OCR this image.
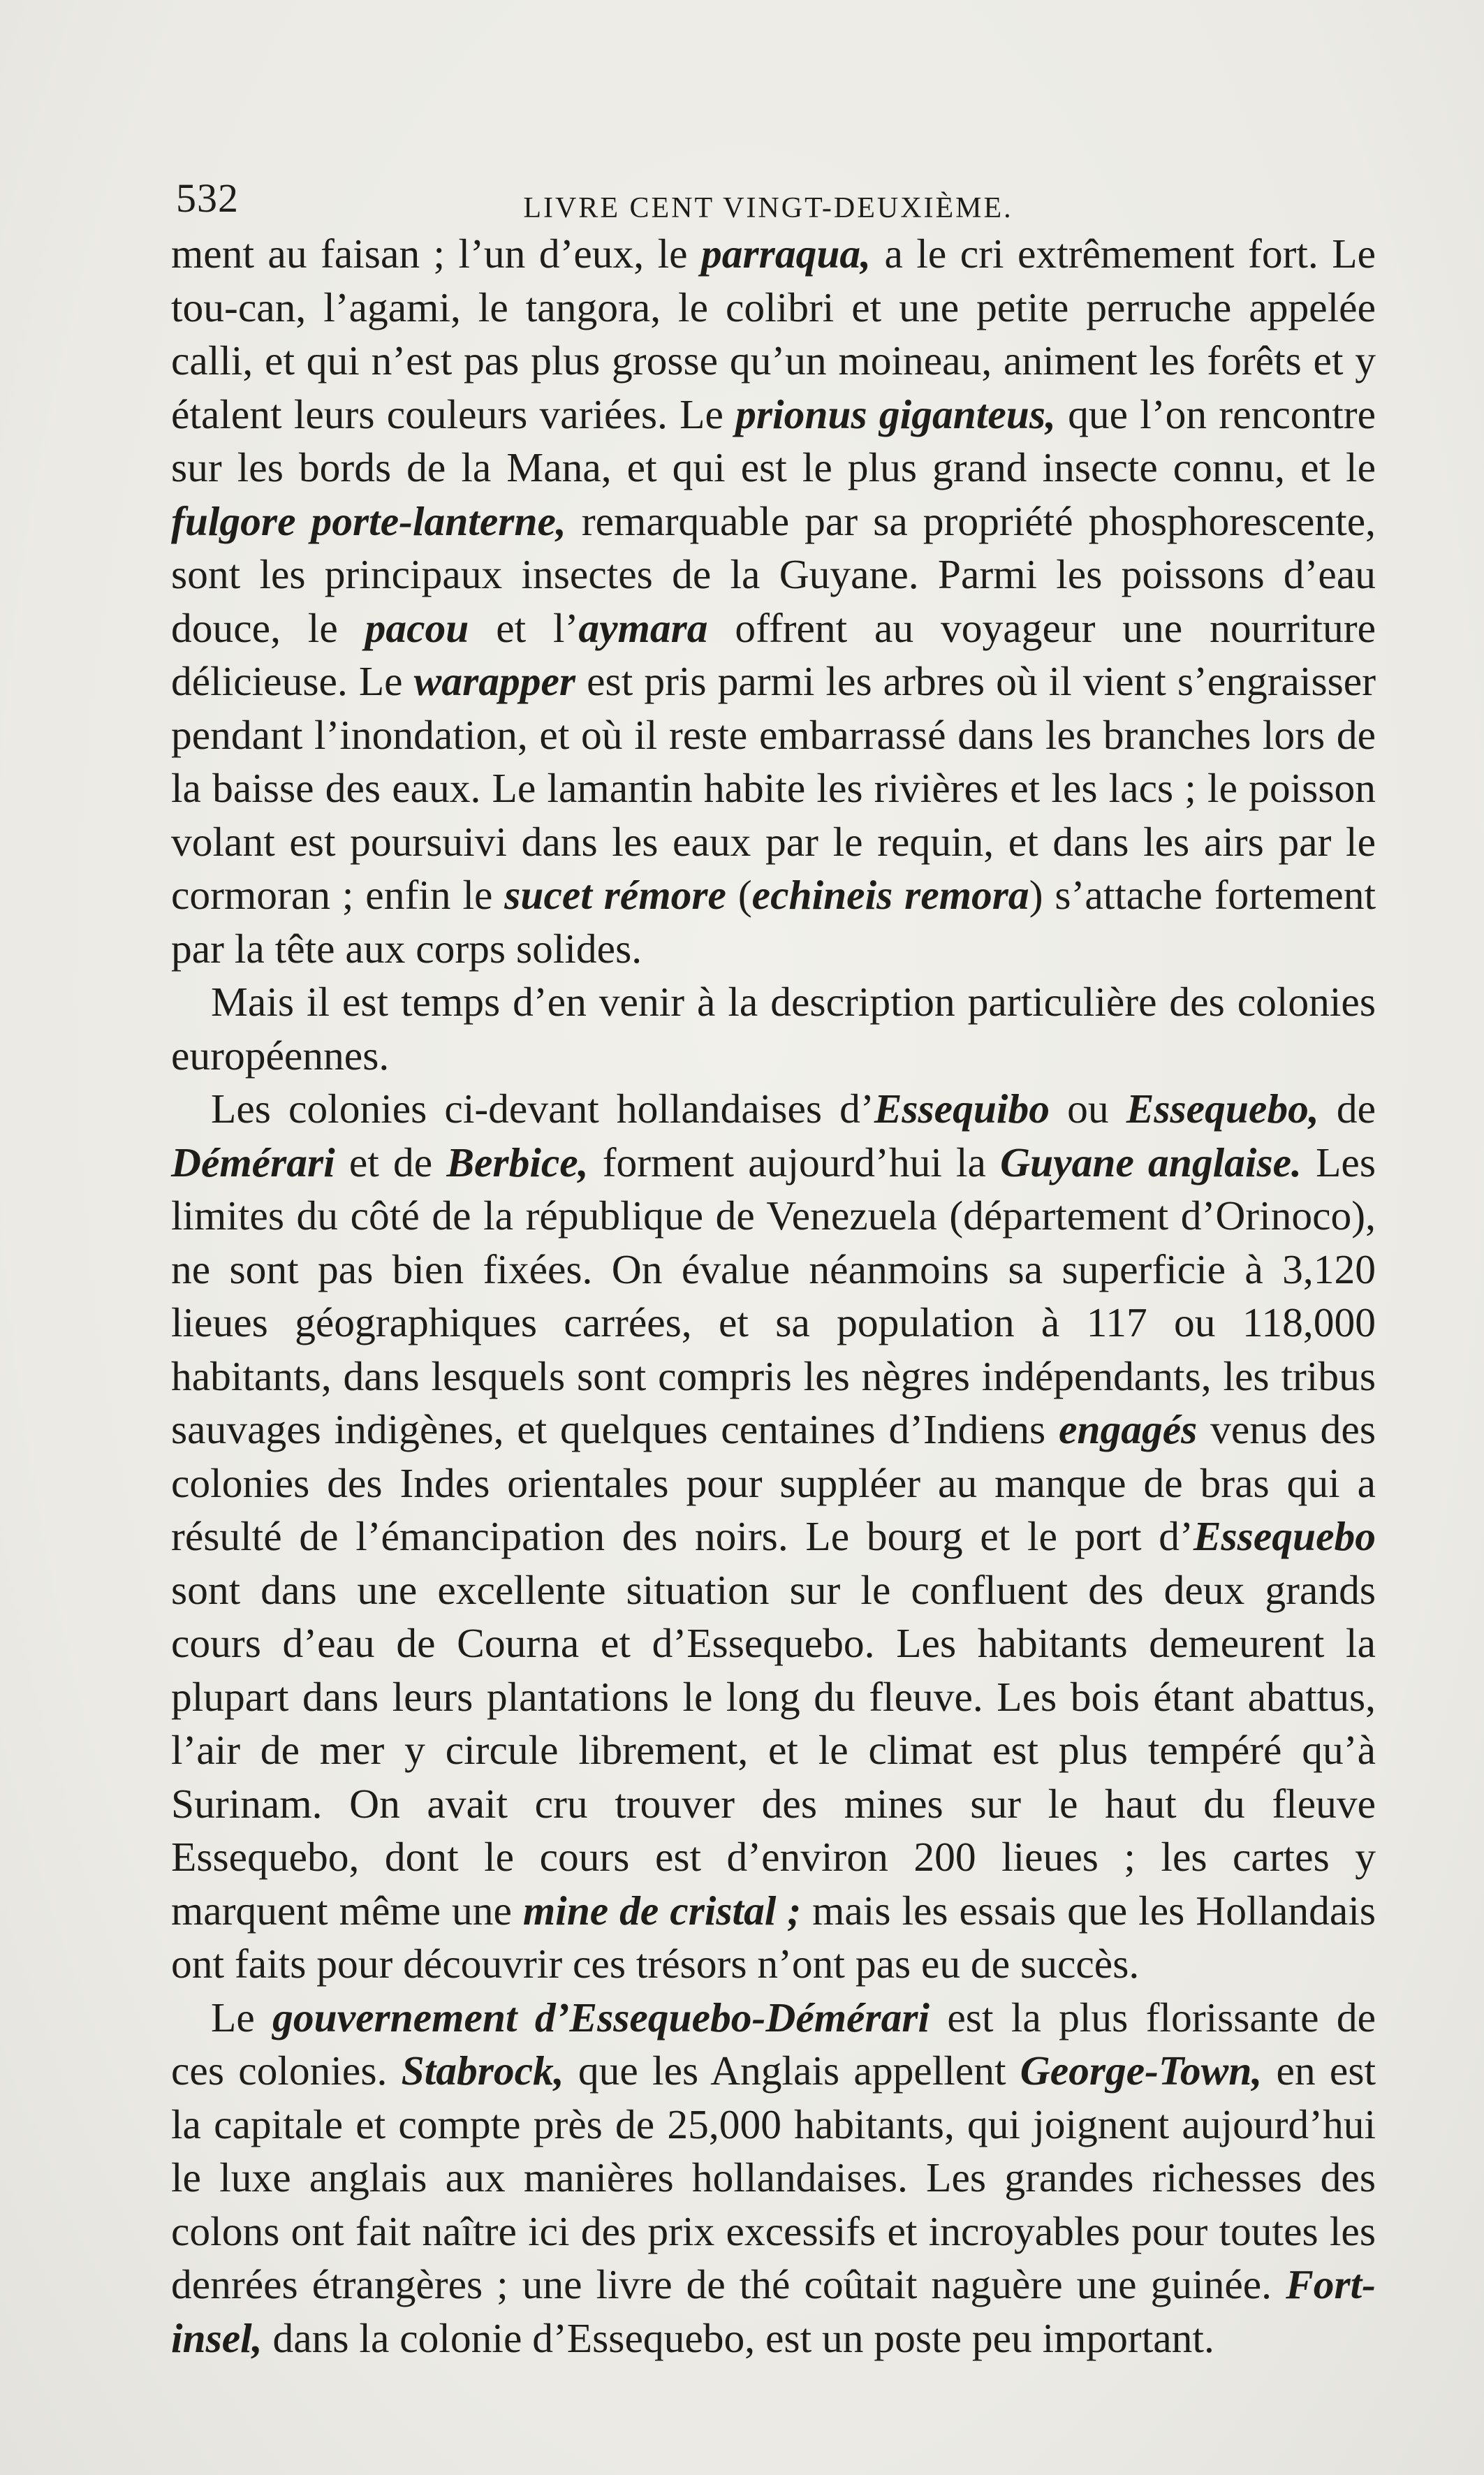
532	LIVRE CENT VINGT-DEUXIÈME.

ment au faisan ; l’un d’eux, le parraqua, a le cri extrêmement fort. Le tou-can, l’agami, le tangora, le colibri et une petite perruche appelée calli, et qui n’est pas plus grosse qu’un moineau, animent les forêts et y étalent leurs couleurs variées. Le prionus giganteus, que l’on rencontre sur les bords de la Mana, et qui est le plus grand insecte connu, et le fulgore porte-lanterne, remarquable par sa propriété phosphorescente, sont les principaux insectes de la Guyane. Parmi les poissons d’eau douce, le pacou et l’aymara offrent au voyageur une nourriture délicieuse. Le warapper est pris parmi les arbres où il vient s’engraisser pendant l’inondation, et où il reste embarrassé dans les branches lors de la baisse des eaux. Le lamantin habite les rivières et les lacs ; le poisson volant est poursuivi dans les eaux par le requin, et dans les airs par le cormoran ; enfin le sucet rémore (echineis remora) s’attache fortement par la tête aux corps solides.

Mais il est temps d’en venir à la description particulière des colonies européennes.

Les colonies ci-devant hollandaises d’Essequibo ou Essequebo, de Démérari et de Berbice, forment aujourd’hui la Guyane anglaise. Les limites du côté de la république de Venezuela (département d’Orinoco), ne sont pas bien fixées. On évalue néanmoins sa superficie à 3,120 lieues géographiques carrées, et sa population à 117 ou 118,000 habitants, dans lesquels sont compris les nègres indépendants, les tribus sauvages indigènes, et quelques centaines d’Indiens engagés venus des colonies des Indes orientales pour suppléer au manque de bras qui a résulté de l’émancipation des noirs. Le bourg et le port d’Essequebo sont dans une excellente situation sur le confluent des deux grands cours d’eau de Courna et d’Essequebo. Les habitants demeurent la plupart dans leurs plantations le long du fleuve. Les bois étant abattus, l’air de mer y circule librement, et le climat est plus tempéré qu’à Surinam. On avait cru trouver des mines sur le haut du fleuve Essequebo, dont le cours est d’environ 200 lieues ; les cartes y marquent même une mine de cristal ; mais les essais que les Hollandais ont faits pour découvrir ces trésors n’ont pas eu de succès.

Le gouvernement d’Essequebo-Démérari est la plus florissante de ces colonies. Stabrock, que les Anglais appellent George-Town, en est la capitale et compte près de 25,000 habitants, qui joignent aujourd’hui le luxe anglais aux manières hollandaises. Les grandes richesses des colons ont fait naître ici des prix excessifs et incroyables pour toutes les denrées étrangères ; une livre de thé coûtait naguère une guinée. Fort-insel, dans la colonie d’Essequebo, est un poste peu important.
